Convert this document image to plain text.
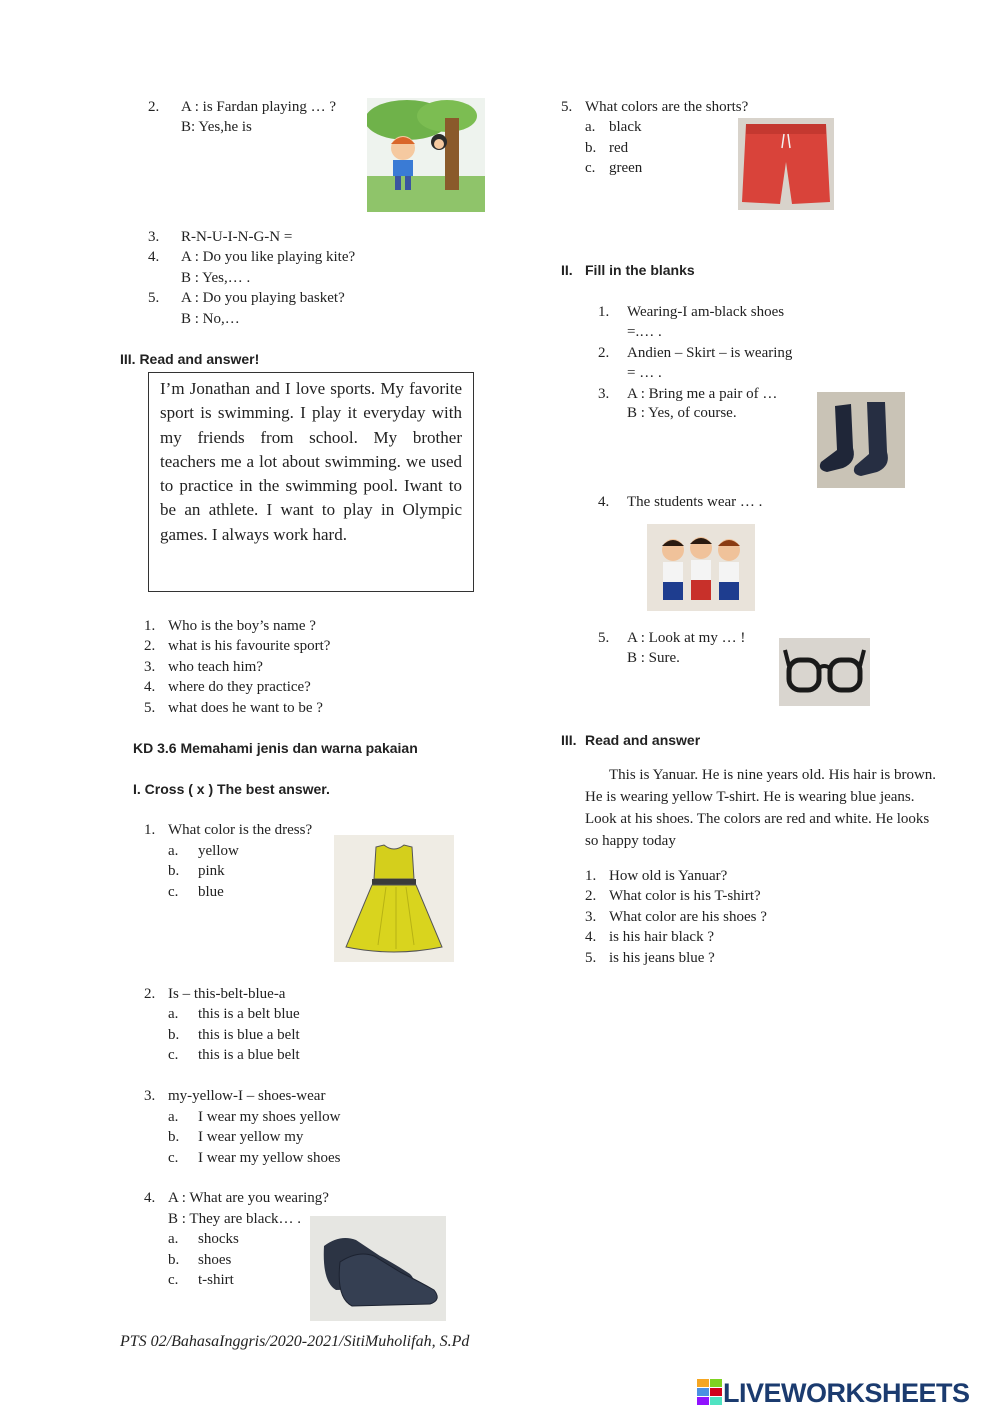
2. A : is Fardan playing … ?
B: Yes,he is
3. R-N-U-I-N-G-N =
4. A : Do you like playing kite?
B : Yes,… .
5. A : Do you playing basket?
B : No,…
III. Read and answer!

I’m Jonathan and I love sports. My favorite sport is swimming. I play it everyday with my friends from school. My brother teachers me a lot about swimming. we used to practice in the swimming pool. Iwant to be an athlete. I want to play in Olympic games. I always work hard.

1. Who is the boy’s name ?
2. what is his favourite sport?
3. who teach him?
4. where do they practice?
5. what does he want to be ?
KD 3.6 Memahami jenis dan warna pakaian
I. Cross ( x ) The best answer.
1. What color is the dress?
a. yellow
b. pink
c. blue
2. Is – this-belt-blue-a
a. this is a belt blue
b. this is blue a belt
c. this is a blue belt
3. my-yellow-I – shoes-wear
a. I wear my shoes yellow
b. I wear yellow my
c. I wear my yellow shoes
4. A : What are you wearing?
B : They are black… .
a. shocks
b. shoes
c. t-shirt
5. What colors are the shorts?
a. black
b. red
c. green
II. Fill in the blanks
1. Wearing-I am-black shoes
=.… .
2. Andien – Skirt – is wearing
= … .
3. A : Bring me a pair of …
B : Yes, of course.
4. The students wear … .
5. A : Look at my … !
B : Sure.
III. Read and answer

This is Yanuar. He is nine years old. His hair is brown. He is wearing yellow T-shirt. He is wearing blue jeans. Look at his shoes. The colors are red and white. He looks so happy today

1. How old is Yanuar?
2. What color is his T-shirt?
3. What color are his shoes ?
4. is his hair black ?
5. is his jeans blue ?
PTS 02/BahasaInggris/2020-2021/SitiMuholifah, S.Pd
LIVEWORKSHEETS
